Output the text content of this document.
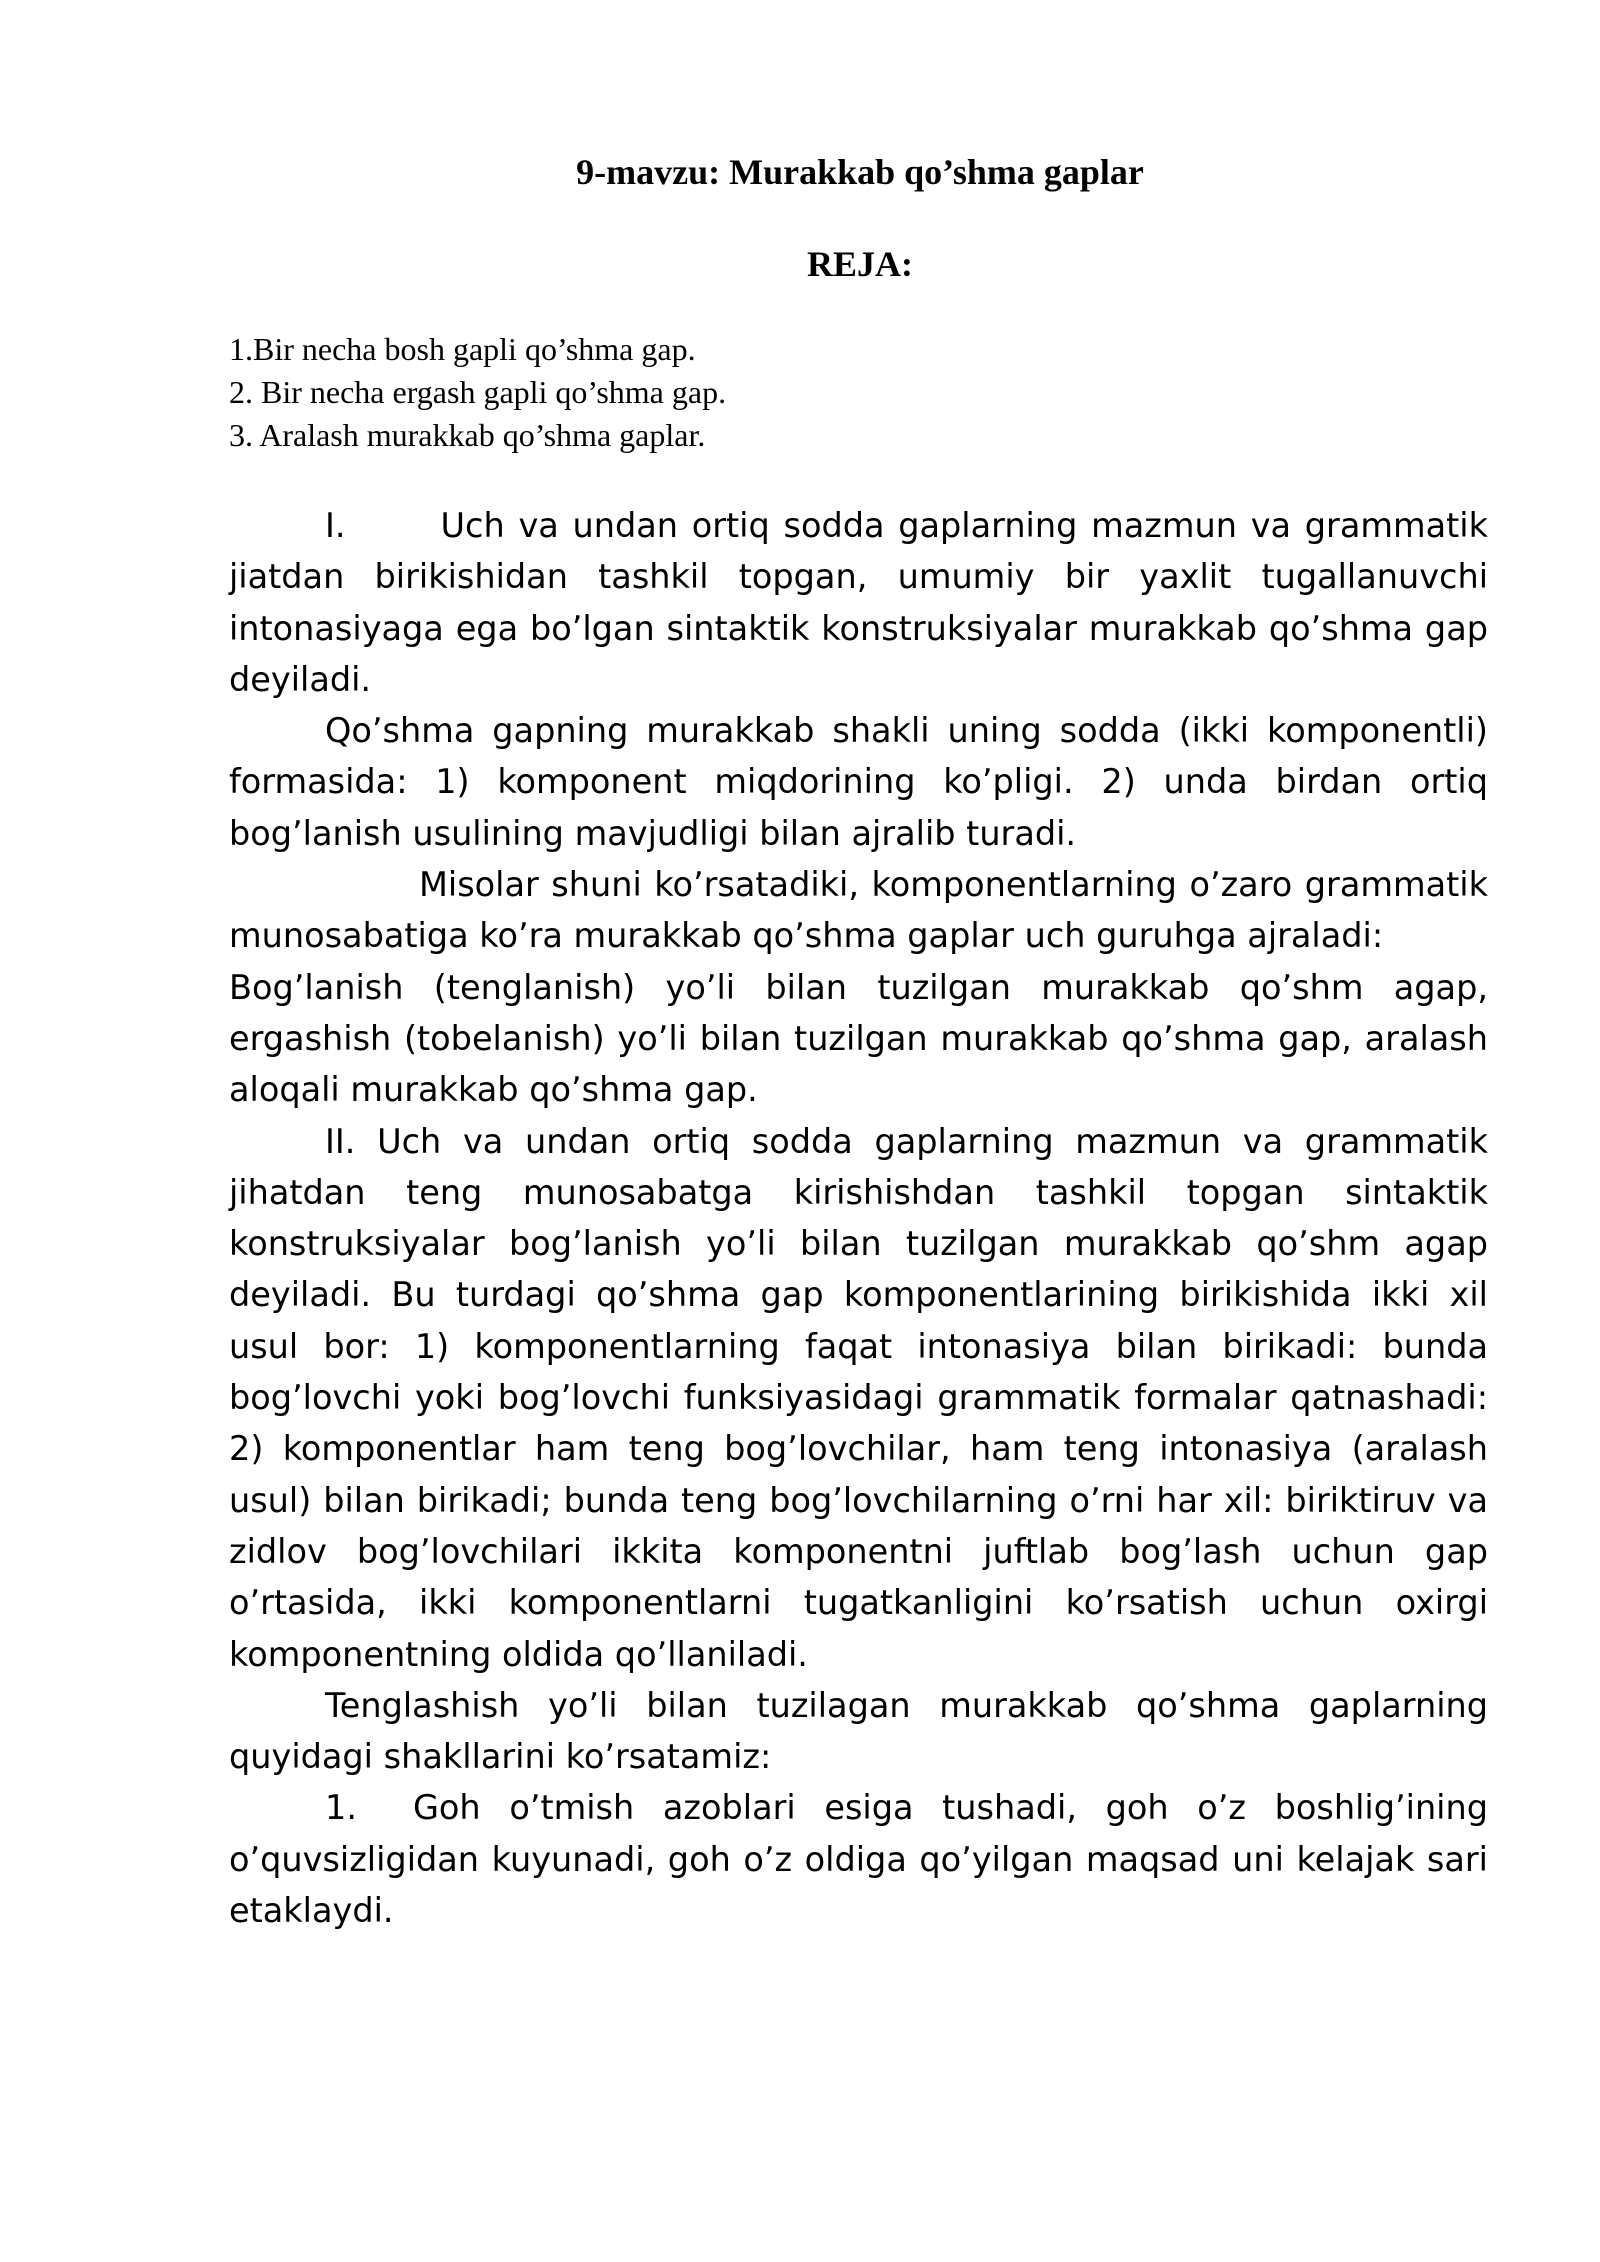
9-mavzu: Murakkab qo’shma gaplar
REJA:
1.Bir necha bosh gapli qo’shma gap.
2. Bir necha ergash gapli qo’shma gap.
3. Aralash murakkab qo’shma gaplar.

I.	Uch va undan ortiq sodda gaplarning mazmun va grammatik jiatdan birikishidan tashkil topgan, umumiy bir yaxlit tugallanuvchi intonasiyaga ega bo’lgan sintaktik konstruksiyalar murakkab qo’shma gap deyiladi.

Qo’shma gapning murakkab shakli uning sodda (ikki komponentli) formasida: 1) komponent miqdorining ko’pligi. 2) unda birdan ortiq bog’lanish usulining mavjudligi bilan ajralib turadi.

Misolar shuni ko’rsatadiki, komponentlarning o’zaro grammatik munosabatiga ko’ra murakkab qo’shma gaplar uch guruhga ajraladi:

Bog’lanish (tenglanish) yo’li bilan tuzilgan murakkab qo’shm agap, ergashish (tobelanish) yo’li bilan tuzilgan murakkab qo’shma gap, aralash aloqali murakkab qo’shma gap.

II. Uch va undan ortiq sodda gaplarning mazmun va grammatik jihatdan teng munosabatga kirishishdan tashkil topgan sintaktik konstruksiyalar bog’lanish yo’li bilan tuzilgan murakkab qo’shm agap deyiladi. Bu turdagi qo’shma gap komponentlarining birikishida ikki xil usul bor: 1) komponentlarning faqat intonasiya bilan birikadi: bunda bog’lovchi yoki bog’lovchi funksiyasidagi grammatik formalar qatnashadi: 2) komponentlar ham teng bog’lovchilar, ham teng intonasiya (aralash usul) bilan birikadi; bunda teng bog’lovchilarning o’rni har xil: biriktiruv va zidlov bog’lovchilari ikkita komponentni juftlab bog’lash uchun gap o’rtasida, ikki komponentlarni tugatkanligini ko’rsatish uchun oxirgi komponentning oldida qo’llaniladi.

Tenglashish yo’li bilan tuzilagan murakkab qo’shma gaplarning quyidagi shakllarini ko’rsatamiz:

1. Goh o’tmish azoblari esiga tushadi, goh o’z boshlig’ining o’quvsizligidan kuyunadi, goh o’z oldiga qo’yilgan maqsad uni kelajak sari etaklaydi.
